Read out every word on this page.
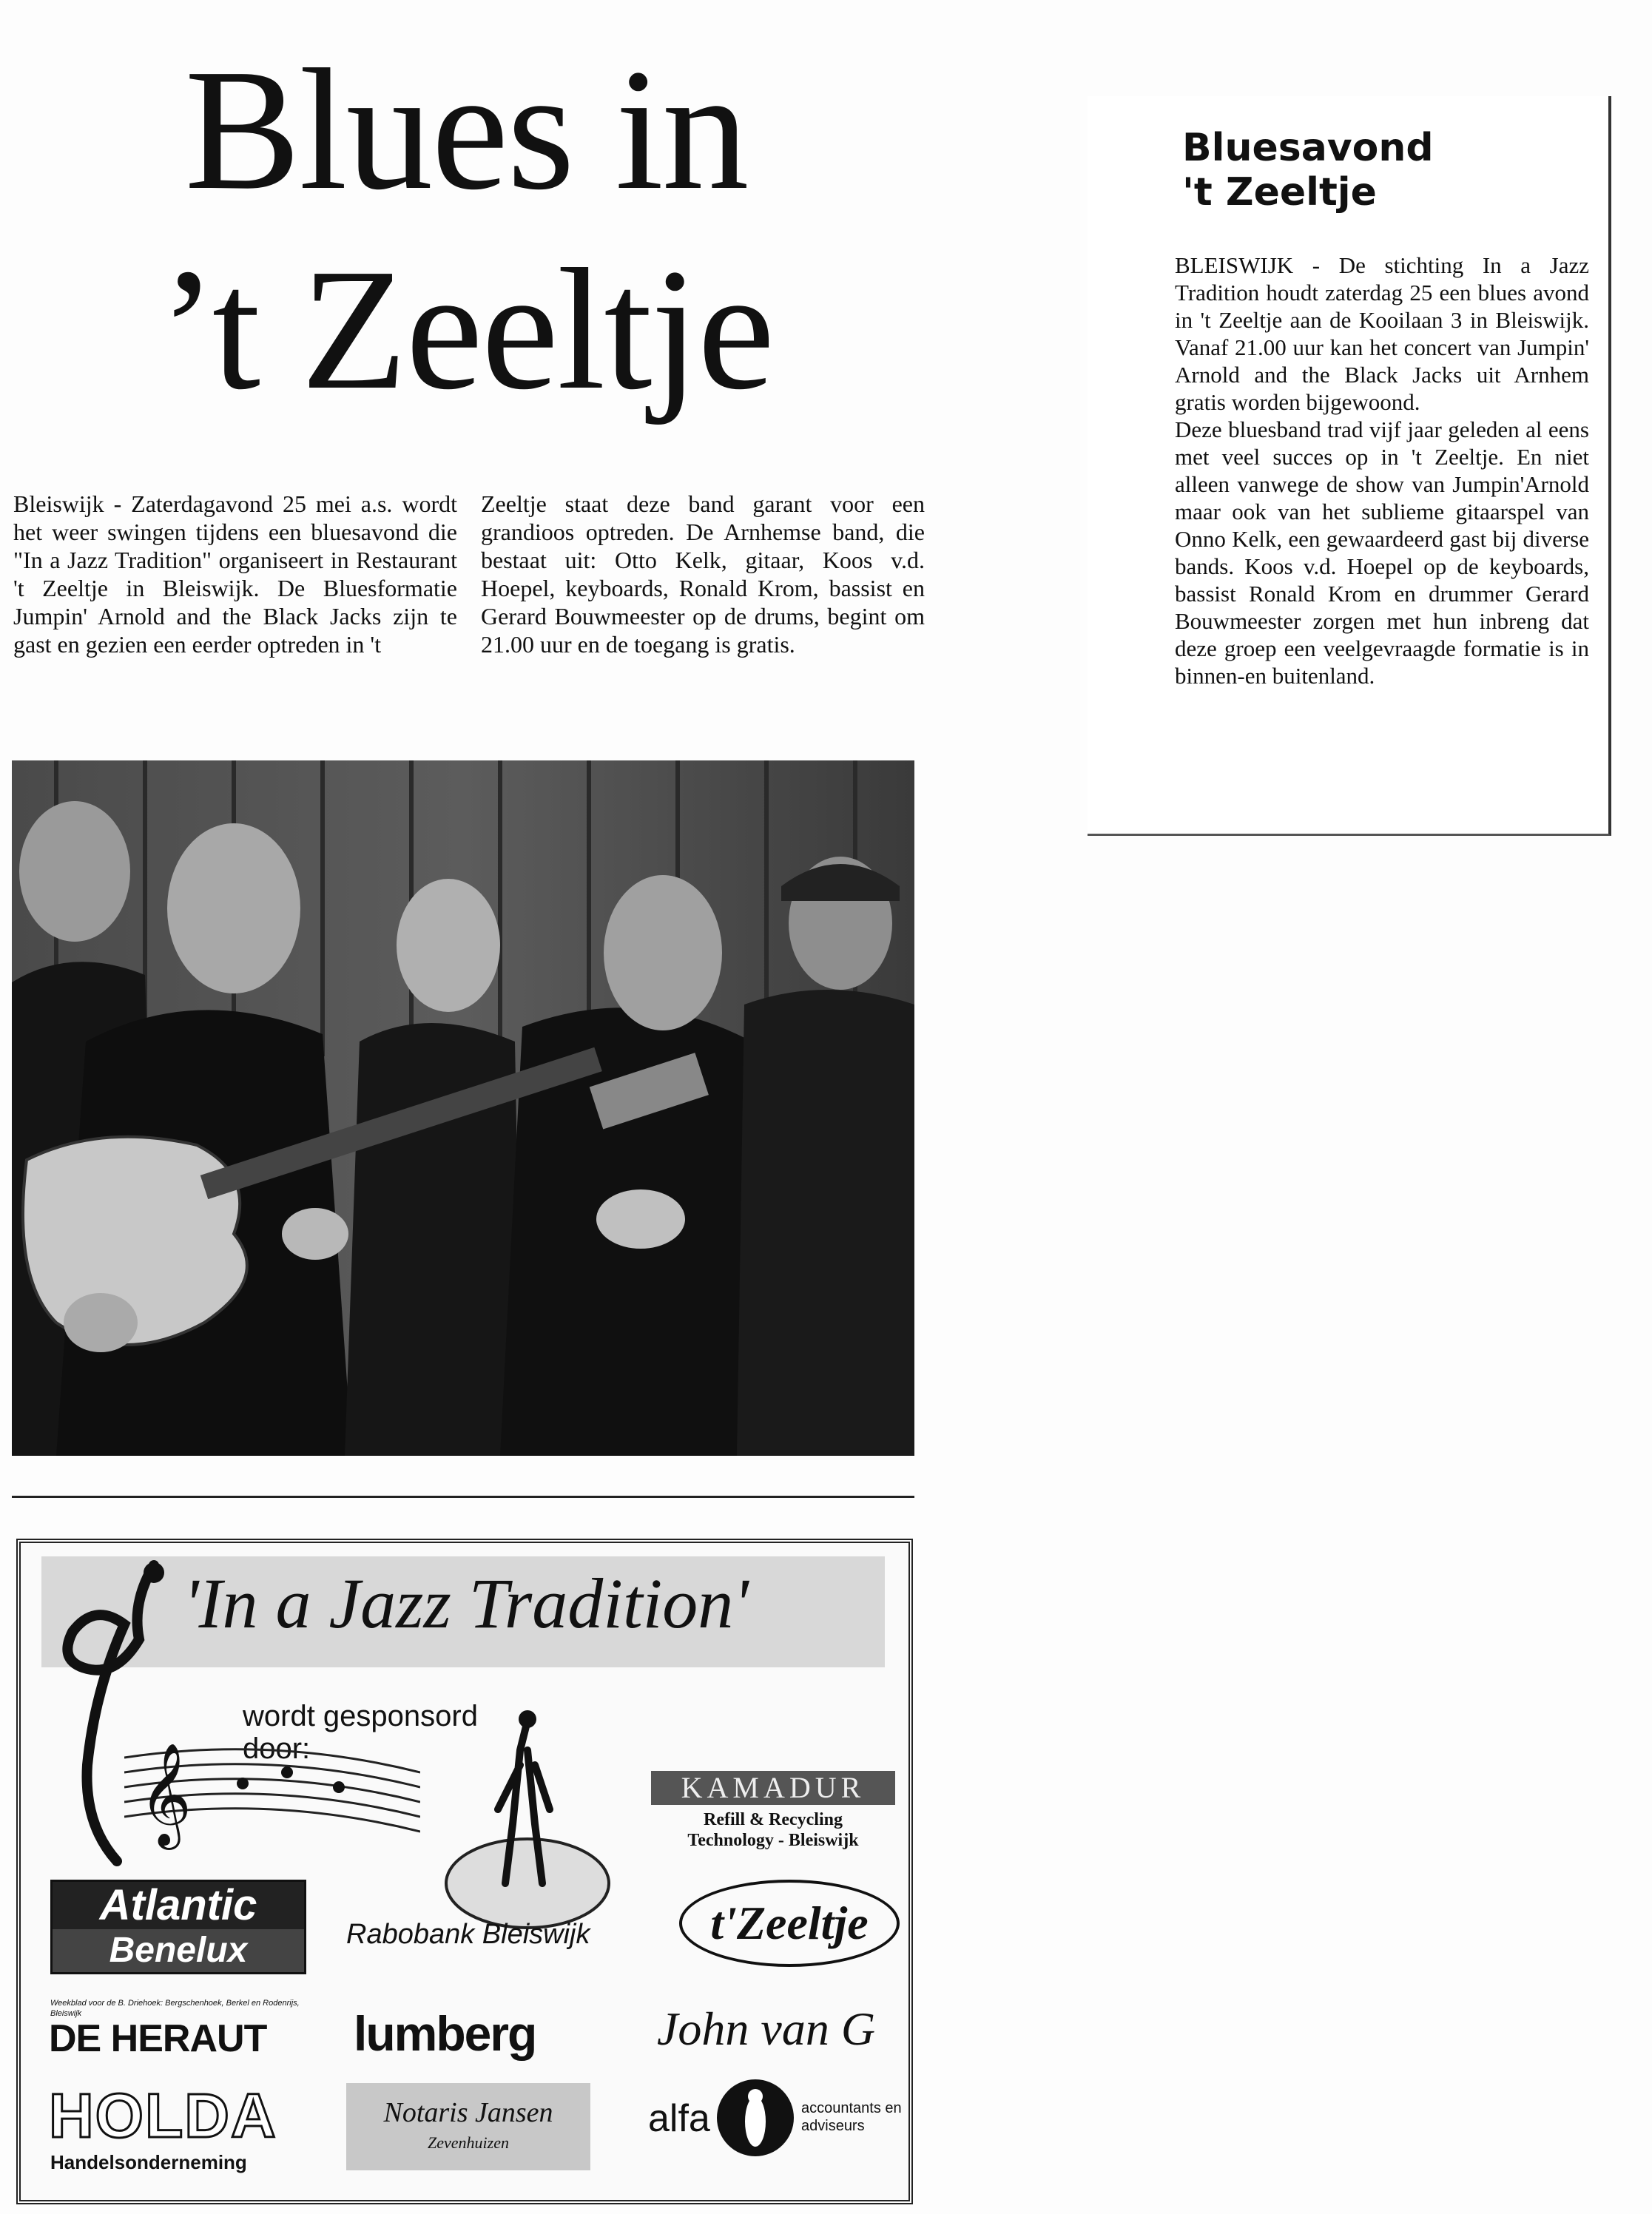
Blues in
’t Zeeltje
Bleiswijk - Zaterdagavond 25 mei a.s. wordt het weer swingen tijdens een bluesavond die "In a Jazz Tradition" organiseert in Restaurant 't Zeeltje in Bleiswijk. De Bluesformatie Jumpin' Arnold and the Black Jacks zijn te gast en gezien een eerder optreden in 't
Zeeltje staat deze band garant voor een grandioos optreden. De Arnhemse band, die bestaat uit: Otto Kelk, gitaar, Koos v.d. Hoepel, keyboards, Ronald Krom, bassist en Gerard Bouwmeester op de drums, begint om 21.00 uur en de toegang is gratis.
'In a Jazz Tradition'
wordt gesponsord
door:
𝄞	KAMADUR
Refill & Recycling
Technology - Bleiswijk
Atlantic
Benelux	Rabobank Bleiswijk	t'Zeeltje
Weekblad voor de B. Driehoek: Bergschenhoek, Berkel en Rodenrijs, Bleiswijk
DE HERAUT lumberg	John van G
HOLDA
Handelsonderneming
Notaris Jansen
Zevenhuizen
alfa	accountants en
adviseurs
Bluesavond
't Zeeltje

BLEISWIJK - De stichting In a Jazz Tradition houdt zaterdag 25 een blues avond in 't Zeeltje aan de Kooilaan 3 in Bleiswijk. Vanaf 21.00 uur kan het concert van Jumpin' Arnold and the Black Jacks uit Arnhem gratis worden bijgewoond.

Deze bluesband trad vijf jaar geleden al eens met veel succes op in 't Zeeltje. En niet alleen vanwege de show van Jumpin'Arnold maar ook van het sublieme gitaarspel van Onno Kelk, een gewaardeerd gast bij diverse bands. Koos v.d. Hoepel op de keyboards, bassist Ronald Krom en drummer Gerard Bouwmeester zorgen met hun inbreng dat deze groep een veelgevraagde formatie is in binnen-en buitenland.
